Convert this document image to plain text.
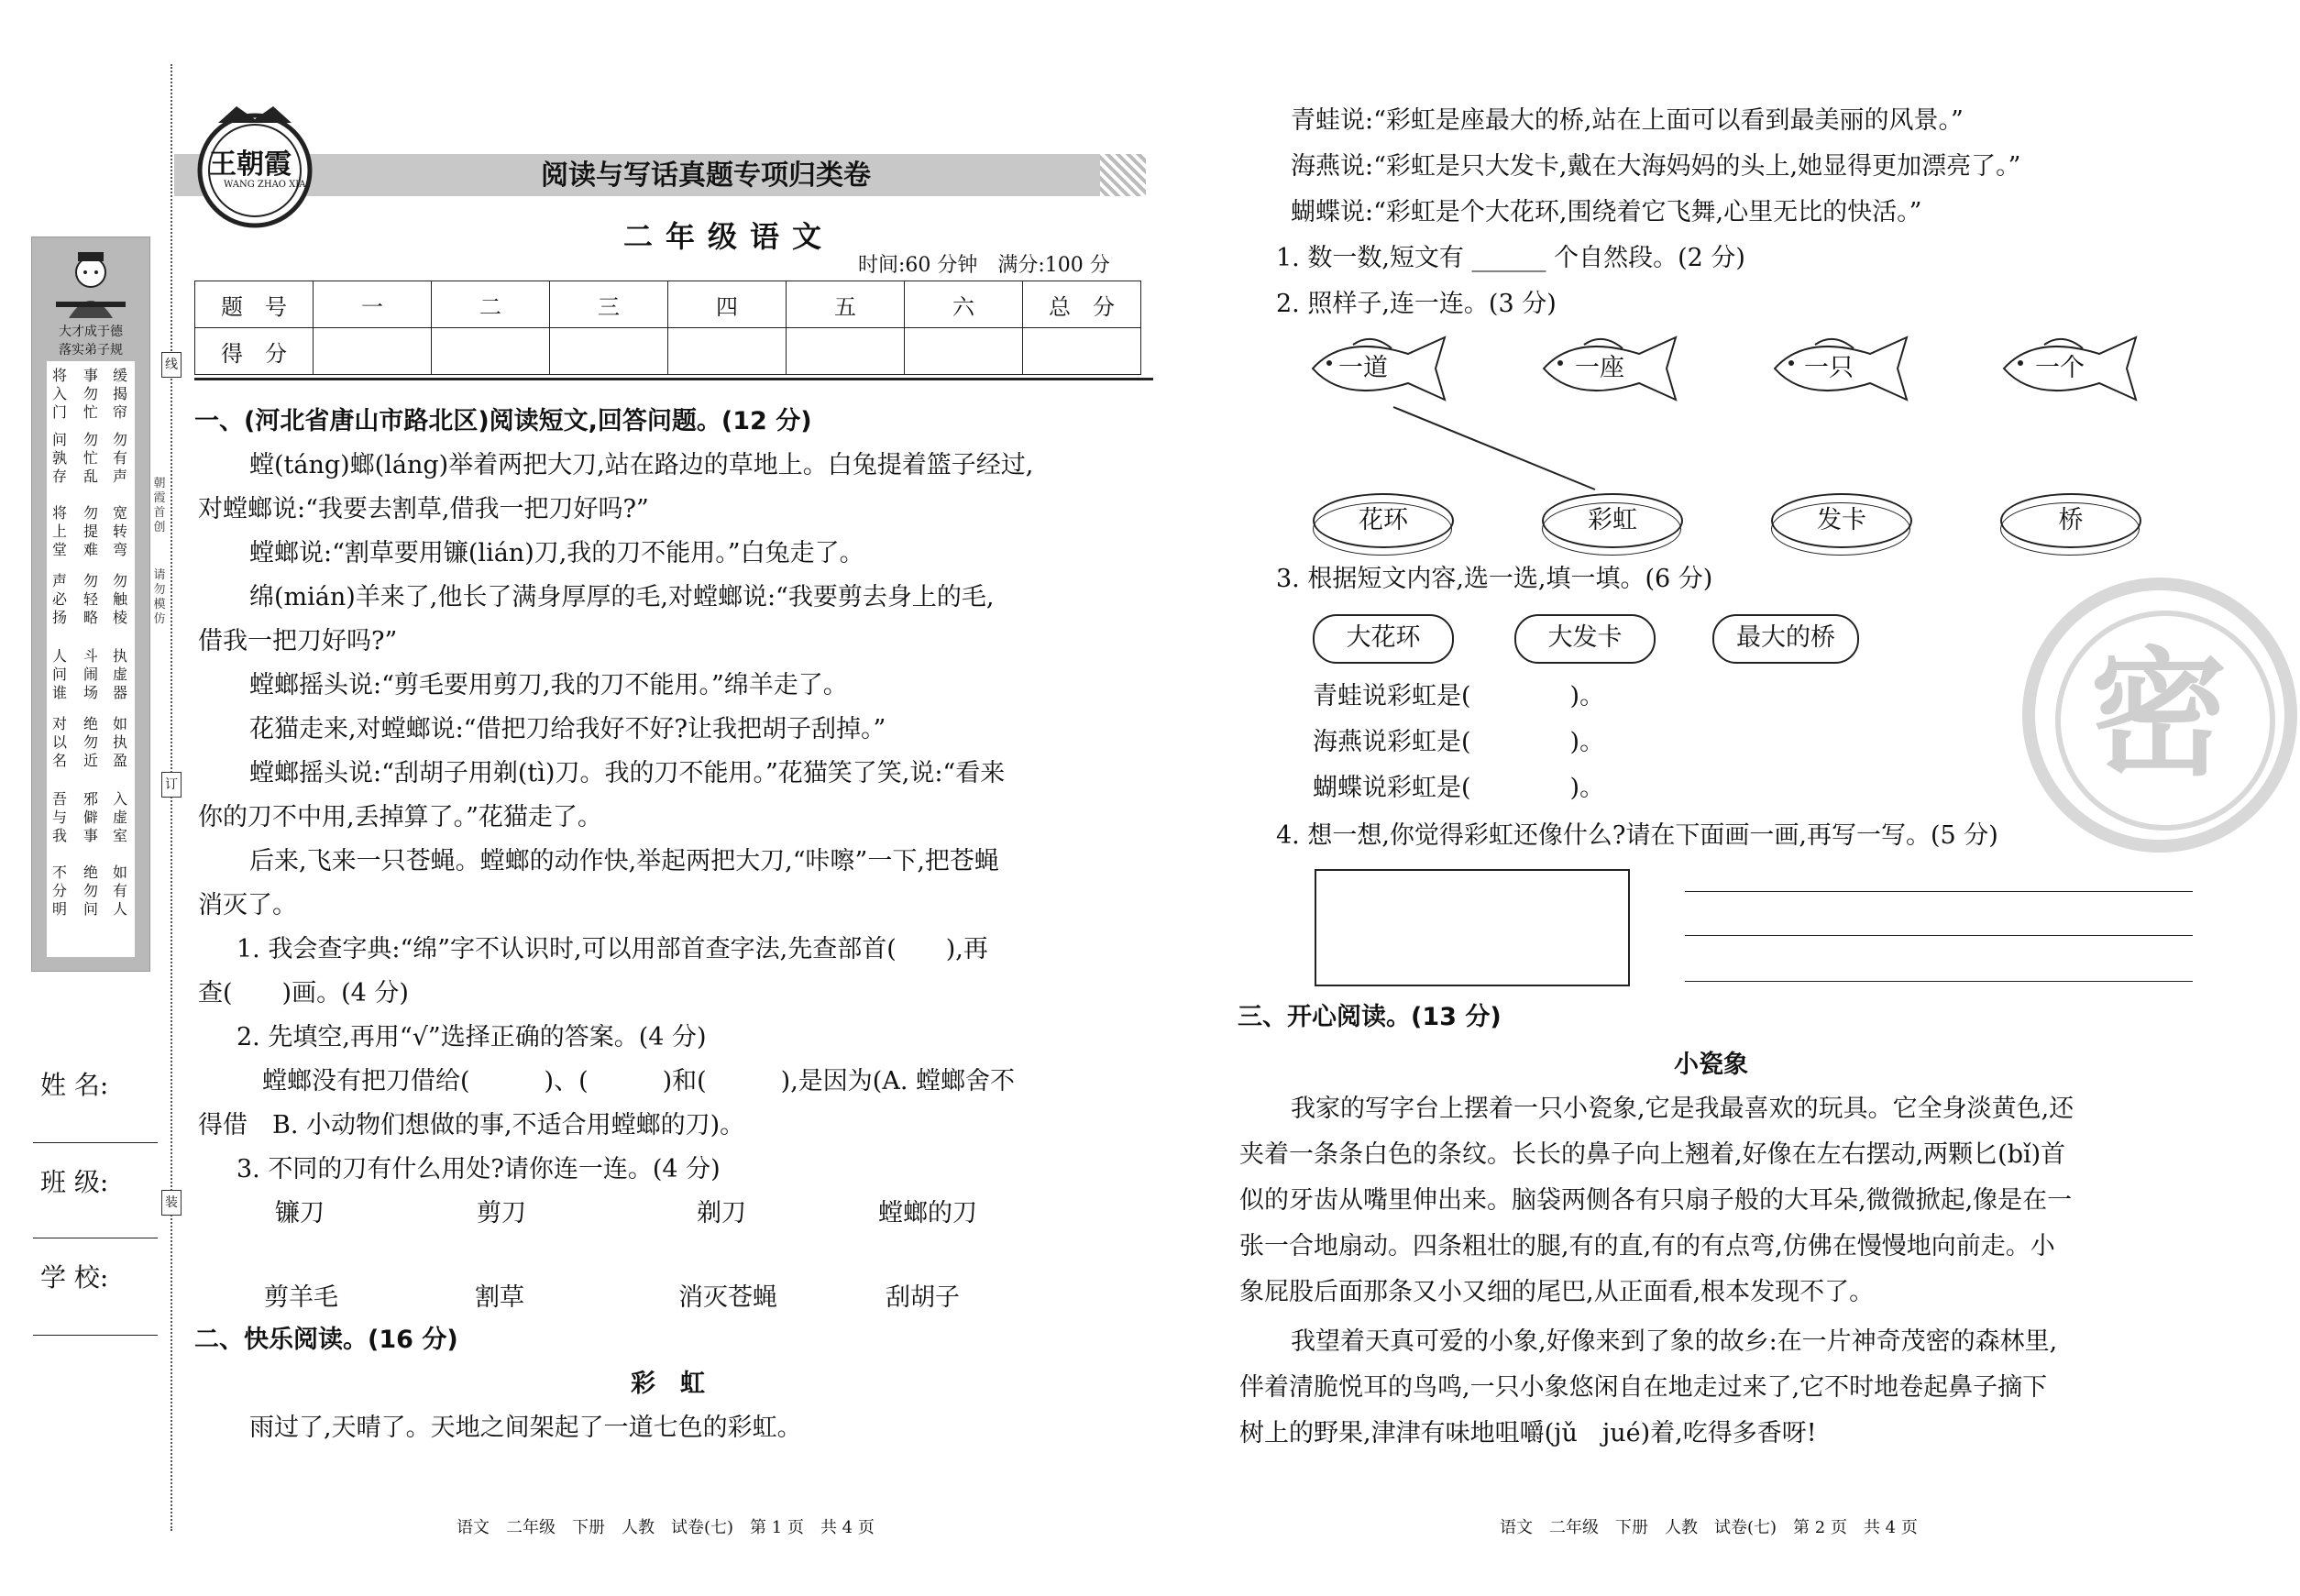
线
订
装
朝霞首创
请勿模仿
大才成于德
落实弟子规
将入门
问孰存
事勿忙
勿忙乱
缓揭帘
勿有声
将上堂
声必扬
勿提难
勿轻略
宽转弯
勿触棱
人问谁
对以名
斗闹场
绝勿近
执虚器
如执盈
吾与我
不分明
邪僻事
绝勿问
入虚室
如有人
姓 名:
班 级:
学 校:
阅读与写话真题专项归类卷
王朝霞
WANG ZHAO XIA
二年级语文
时间:60 分钟　满分:100 分
题　号	一	二	三	四	五	六	总　分
得　分							
一、(河北省唐山市路北区)阅读短文,回答问题。(12 分)
螳(táng)螂(láng)举着两把大刀,站在路边的草地上。白兔提着篮子经过,
对螳螂说:“我要去割草,借我一把刀好吗?”
螳螂说:“割草要用镰(lián)刀,我的刀不能用。”白兔走了。
绵(mián)羊来了,他长了满身厚厚的毛,对螳螂说:“我要剪去身上的毛,
借我一把刀好吗?”
螳螂摇头说:“剪毛要用剪刀,我的刀不能用。”绵羊走了。
花猫走来,对螳螂说:“借把刀给我好不好?让我把胡子刮掉。”
螳螂摇头说:“刮胡子用剃(tì)刀。我的刀不能用。”花猫笑了笑,说:“看来
你的刀不中用,丢掉算了。”花猫走了。
后来,飞来一只苍蝇。螳螂的动作快,举起两把大刀,“咔嚓”一下,把苍蝇
消灭了。
1. 我会查字典:“绵”字不认识时,可以用部首查字法,先查部首(　　),再
查(　　)画。(4 分)
2. 先填空,再用“√”选择正确的答案。(4 分)
螳螂没有把刀借给(　　　)、(　　　)和(　　　),是因为(A. 螳螂舍不
得借　B. 小动物们想做的事,不适合用螳螂的刀)。
3. 不同的刀有什么用处?请你连一连。(4 分)
镰刀	剪刀	剃刀	螳螂的刀
剪羊毛	割草	消灭苍蝇	刮胡子
二、快乐阅读。(16 分)
彩　虹
雨过了,天晴了。天地之间架起了一道七色的彩虹。
语文　二年级　下册　人教　试卷(七)　第 1 页　共 4 页
青蛙说:“彩虹是座最大的桥,站在上面可以看到最美丽的风景。”
海燕说:“彩虹是只大发卡,戴在大海妈妈的头上,她显得更加漂亮了。”
蝴蝶说:“彩虹是个大花环,围绕着它飞舞,心里无比的快活。”
1. 数一数,短文有 ______ 个自然段。(2 分)
2. 照样子,连一连。(3 分)
一道	一座	一只	一个
花环	彩虹	发卡	桥
3. 根据短文内容,选一选,填一填。(6 分)
大花环	大发卡	最大的桥
青蛙说彩虹是(　　　　)。
海燕说彩虹是(　　　　)。
蝴蝶说彩虹是(　　　　)。
4. 想一想,你觉得彩虹还像什么?请在下面画一画,再写一写。(5 分)
三、开心阅读。(13 分)
小瓷象
我家的写字台上摆着一只小瓷象,它是我最喜欢的玩具。它全身淡黄色,还
夹着一条条白色的条纹。长长的鼻子向上翘着,好像在左右摆动,两颗匕(bǐ)首
似的牙齿从嘴里伸出来。脑袋两侧各有只扇子般的大耳朵,微微掀起,像是在一
张一合地扇动。四条粗壮的腿,有的直,有的有点弯,仿佛在慢慢地向前走。小
象屁股后面那条又小又细的尾巴,从正面看,根本发现不了。
我望着天真可爱的小象,好像来到了象的故乡:在一片神奇茂密的森林里,
伴着清脆悦耳的鸟鸣,一只小象悠闲自在地走过来了,它不时地卷起鼻子摘下
树上的野果,津津有味地咀嚼(jǔ　jué)着,吃得多香呀!
密
语文　二年级　下册　人教　试卷(七)　第 2 页　共 4 页
